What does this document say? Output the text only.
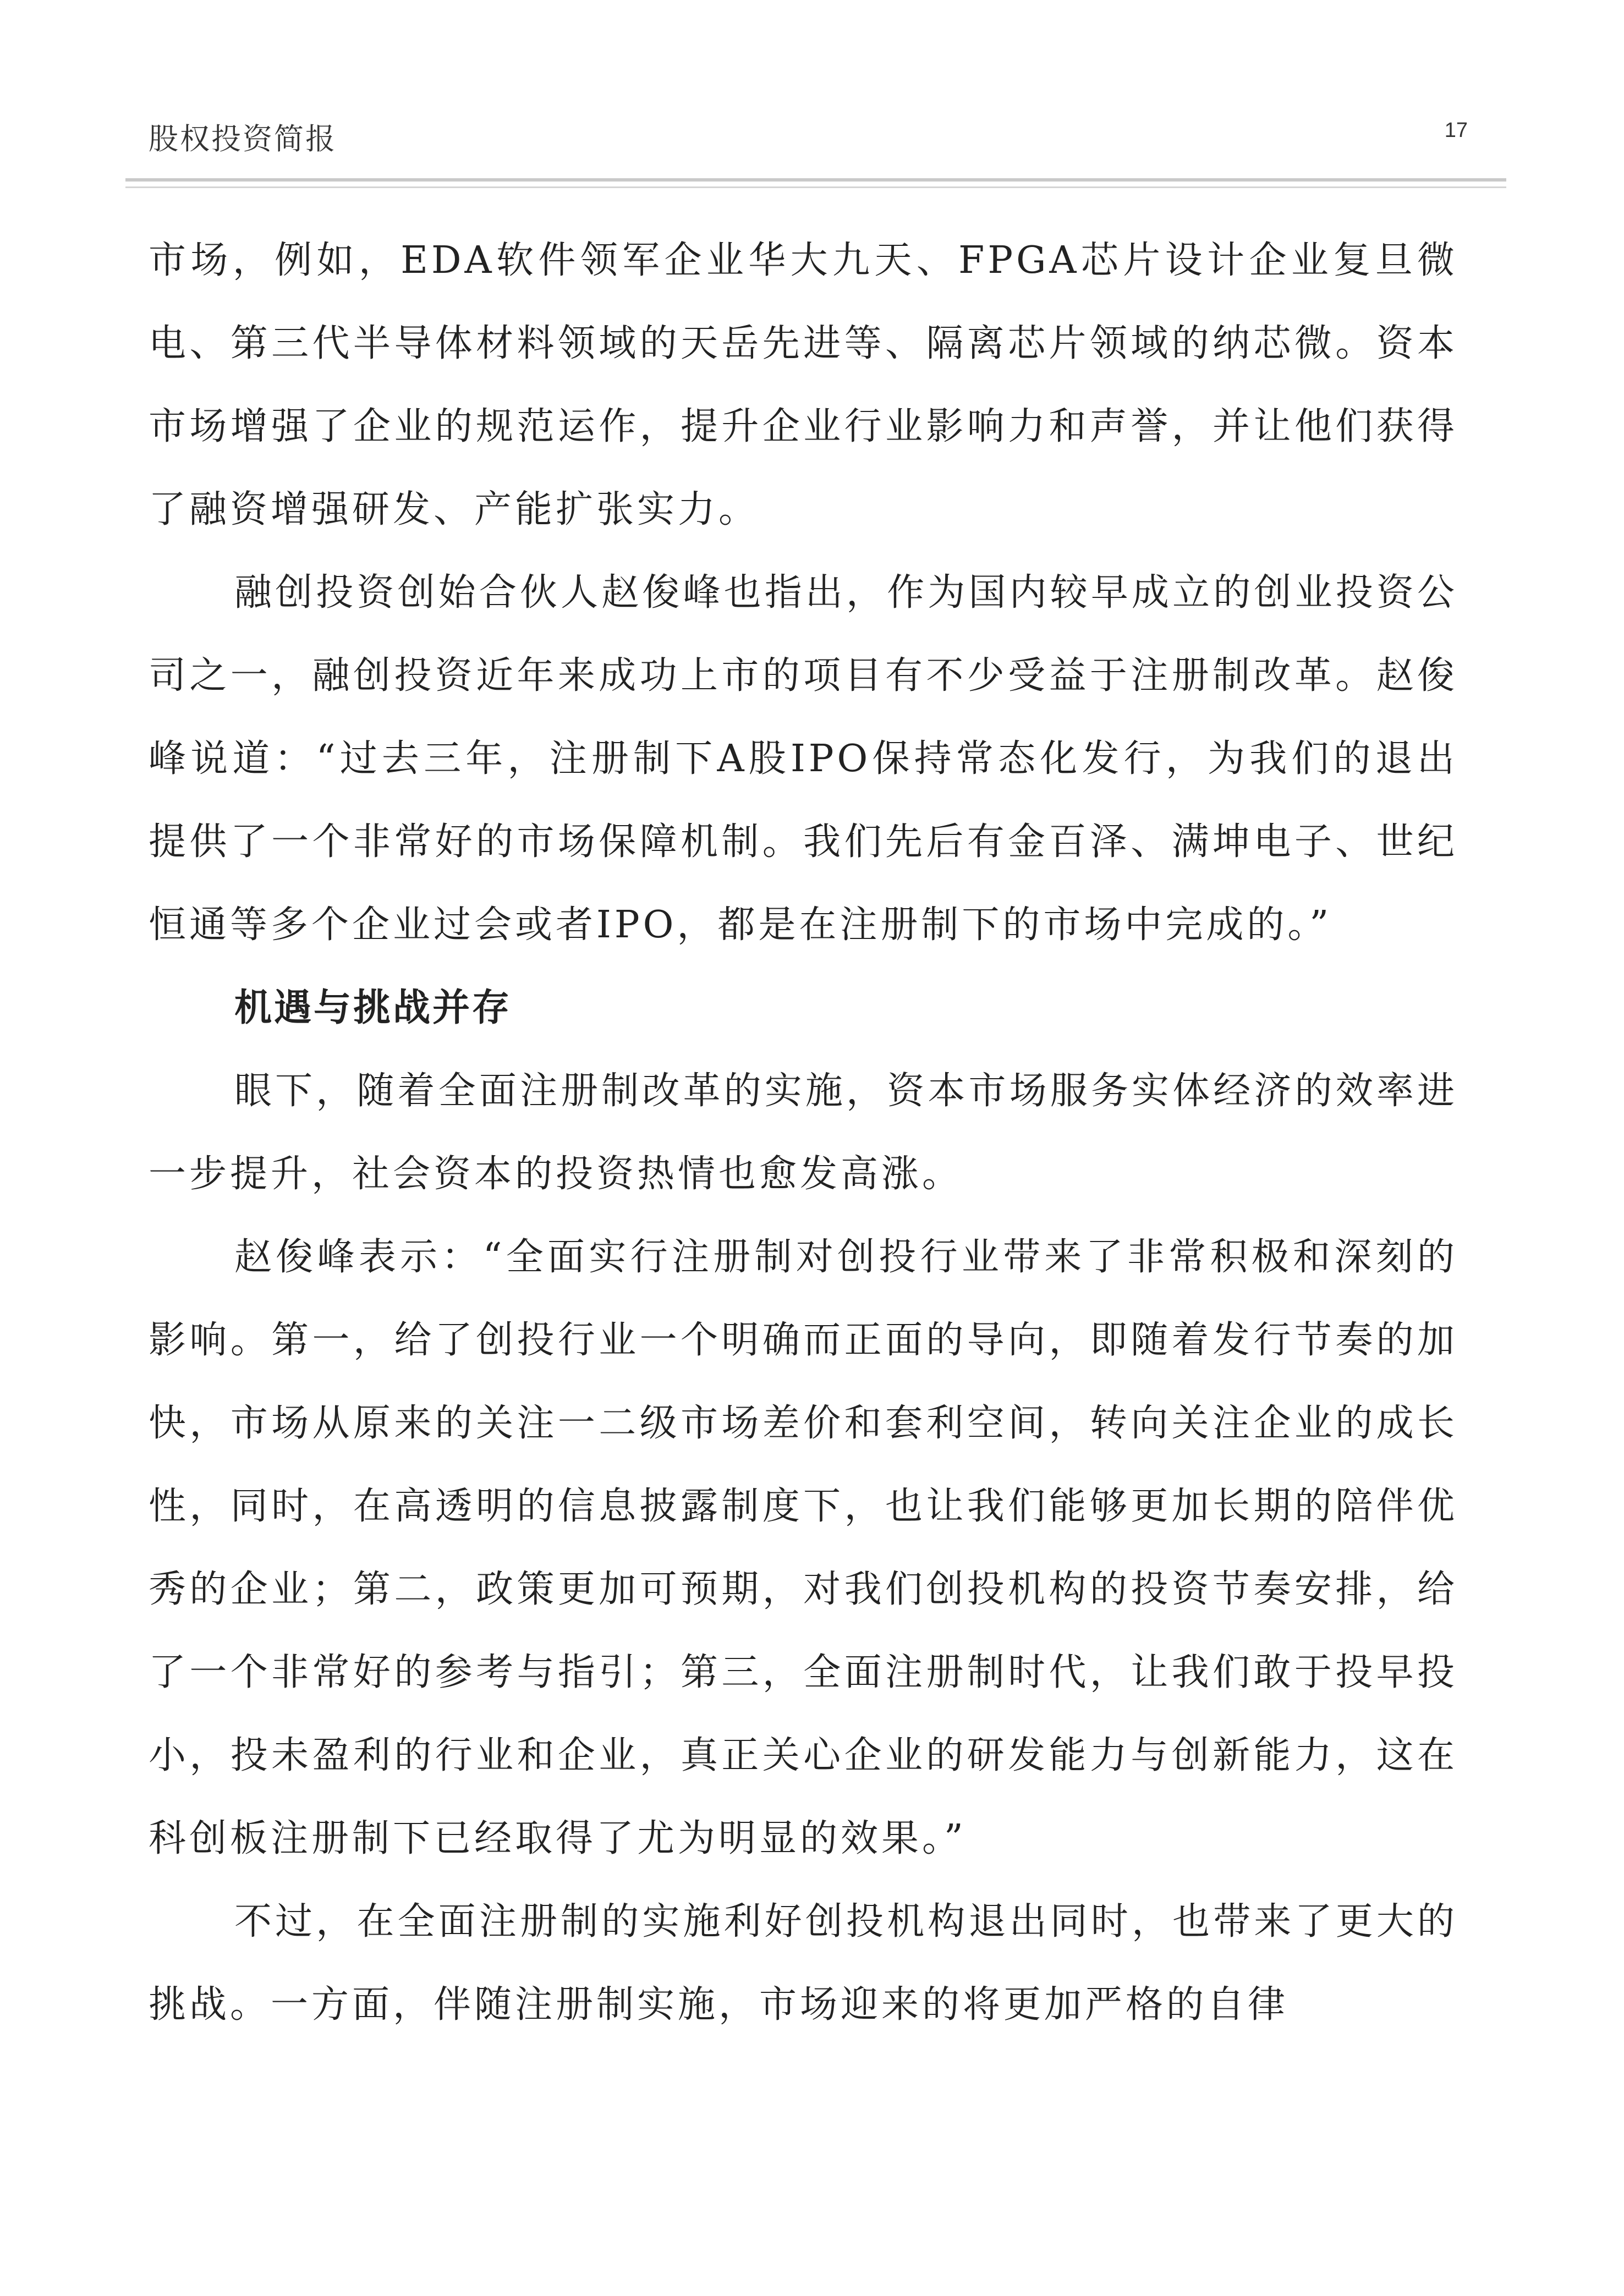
股权投资简报	17

市场，例如，EDA软件领军企业华大九天、FPGA芯片设计企业复旦微电、第三代半导体材料领域的天岳先进等、隔离芯片领域的纳芯微。资本市场增强了企业的规范运作，提升企业行业影响力和声誉，并让他们获得了融资增强研发、产能扩张实力。

融创投资创始合伙人赵俊峰也指出，作为国内较早成立的创业投资公司之一，融创投资近年来成功上市的项目有不少受益于注册制改革。赵俊峰说道：“过去三年，注册制下A股IPO保持常态化发行，为我们的退出提供了一个非常好的市场保障机制。我们先后有金百泽、满坤电子、世纪恒通等多个企业过会或者IPO，都是在注册制下的市场中完成的。”

机遇与挑战并存

眼下，随着全面注册制改革的实施，资本市场服务实体经济的效率进一步提升，社会资本的投资热情也愈发高涨。

赵俊峰表示：“全面实行注册制对创投行业带来了非常积极和深刻的影响。第一，给了创投行业一个明确而正面的导向，即随着发行节奏的加快，市场从原来的关注一二级市场差价和套利空间，转向关注企业的成长性，同时，在高透明的信息披露制度下，也让我们能够更加长期的陪伴优秀的企业；第二，政策更加可预期，对我们创投机构的投资节奏安排，给了一个非常好的参考与指引；第三，全面注册制时代，让我们敢于投早投小，投未盈利的行业和企业，真正关心企业的研发能力与创新能力，这在科创板注册制下已经取得了尤为明显的效果。”

不过，在全面注册制的实施利好创投机构退出同时，也带来了更大的挑战。一方面，伴随注册制实施，市场迎来的将更加严格的自律
